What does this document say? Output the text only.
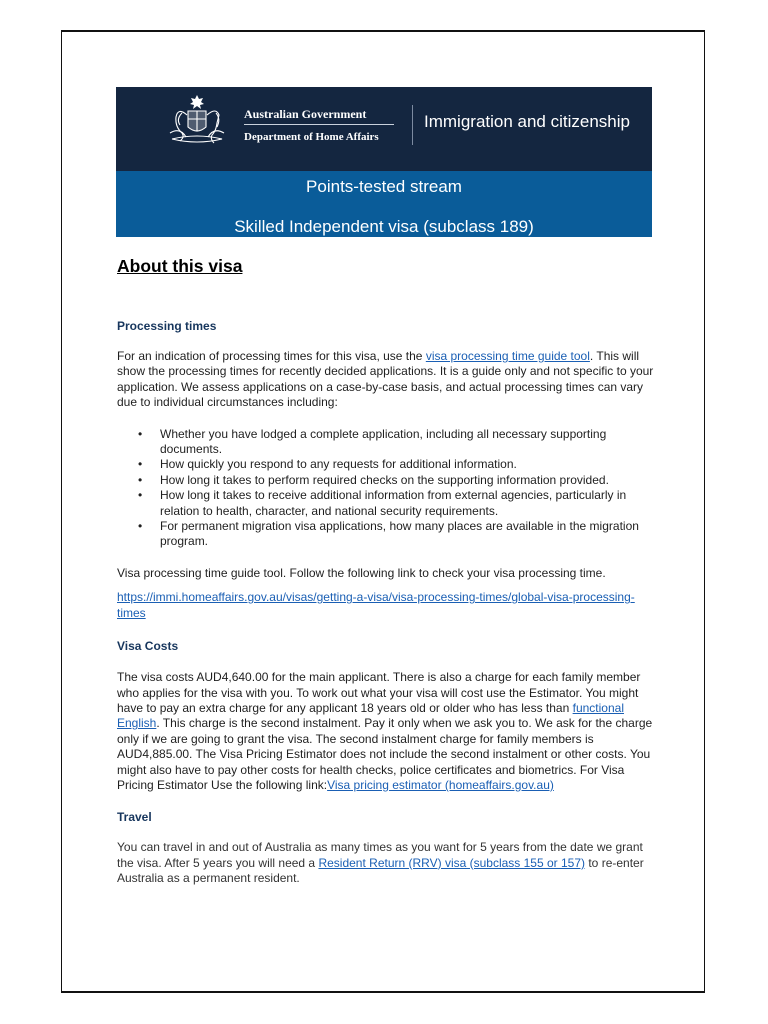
Australian Government
Department of Home Affairs
Immigration and citizenship
Points-tested stream
Skilled Independent visa (subclass 189)
About this visa
Processing times

For an indication of processing times for this visa, use the visa processing time guide tool. This will show the processing times for recently decided applications. It is a guide only and not specific to your application. We assess applications on a case-by-case basis, and actual processing times can vary due to individual circumstances including:

• Whether you have lodged a complete application, including all necessary supporting documents.
• How quickly you respond to any requests for additional information.
• How long it takes to perform required checks on the supporting information provided.
• How long it takes to receive additional information from external agencies, particularly in relation to health, character, and national security requirements.
• For permanent migration visa applications, how many places are available in the migration program.

Visa processing time guide tool. Follow the following link to check your visa processing time.

https://immi.homeaffairs.gov.au/visas/getting-a-visa/visa-processing-times/global-visa-processing-times

Visa Costs

The visa costs AUD4,640.00 for the main applicant. There is also a charge for each family member who applies for the visa with you. To work out what your visa will cost use the Estimator. You might have to pay an extra charge for any applicant 18 years old or older who has less than functional English. This charge is the second instalment. Pay it only when we ask you to. We ask for the charge only if we are going to grant the visa. The second instalment charge for family members is AUD4,885.00. The Visa Pricing Estimator does not include the second instalment or other costs. You might also have to pay other costs for health checks, police certificates and biometrics. For Visa Pricing Estimator Use the following link:Visa pricing estimator (homeaffairs.gov.au)

Travel

You can travel in and out of Australia as many times as you want for 5 years from the date we grant the visa. After 5 years you will need a Resident Return (RRV) visa (subclass 155 or 157) to re-enter Australia as a permanent resident.
